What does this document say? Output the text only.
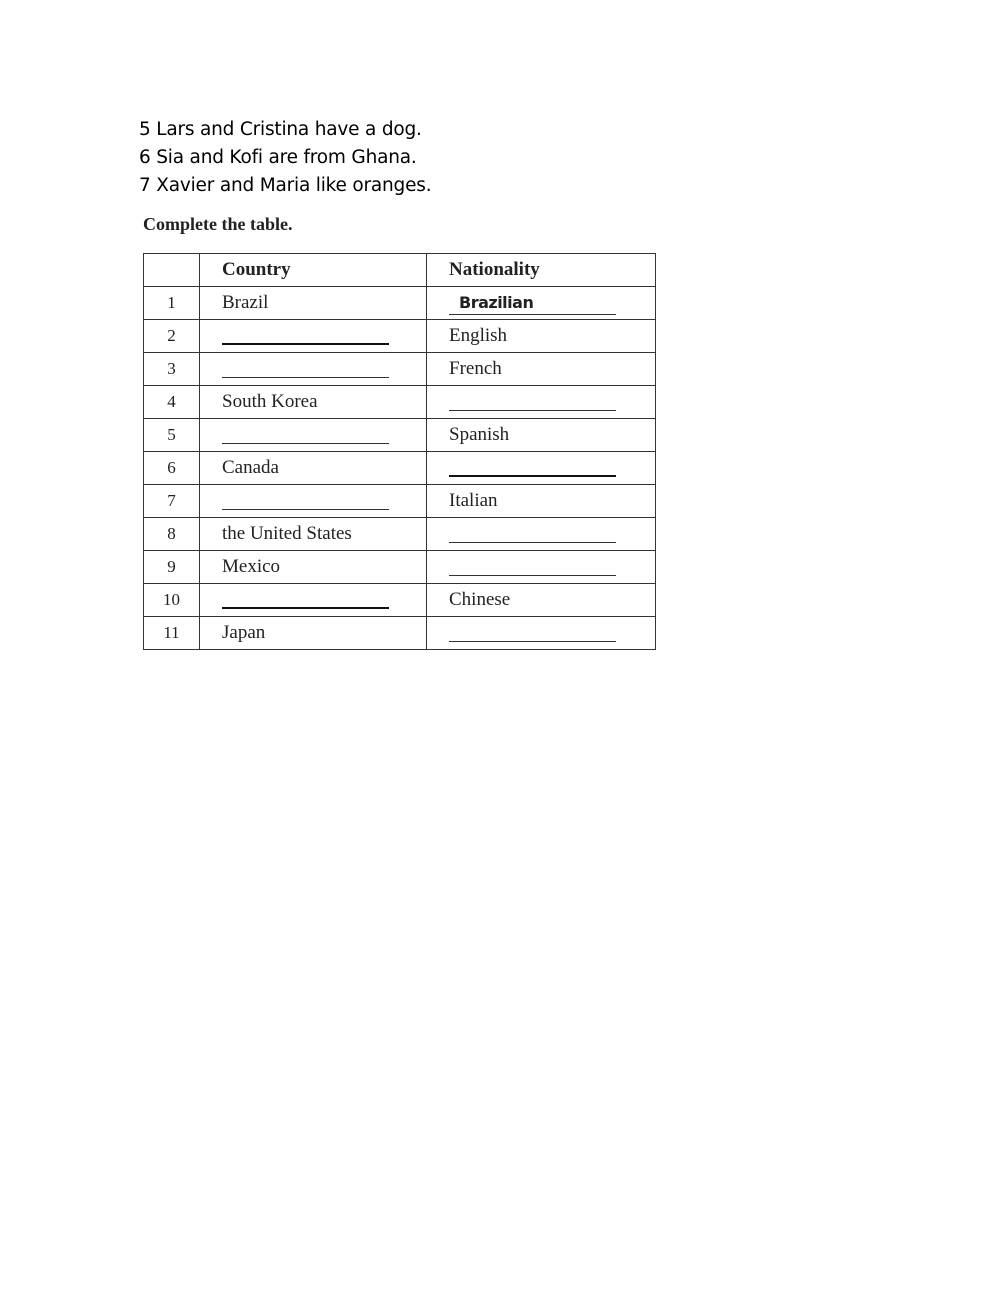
5 Lars and Cristina have a dog.
6 Sia and Kofi are from Ghana.
7 Xavier and Maria like oranges.
Complete the table.
	Country	Nationality
1	Brazil	Brazilian
2		English
3		French
4	South Korea	
5		Spanish
6	Canada	
7		Italian
8	the United States	
9	Mexico	
10		Chinese
11	Japan	
